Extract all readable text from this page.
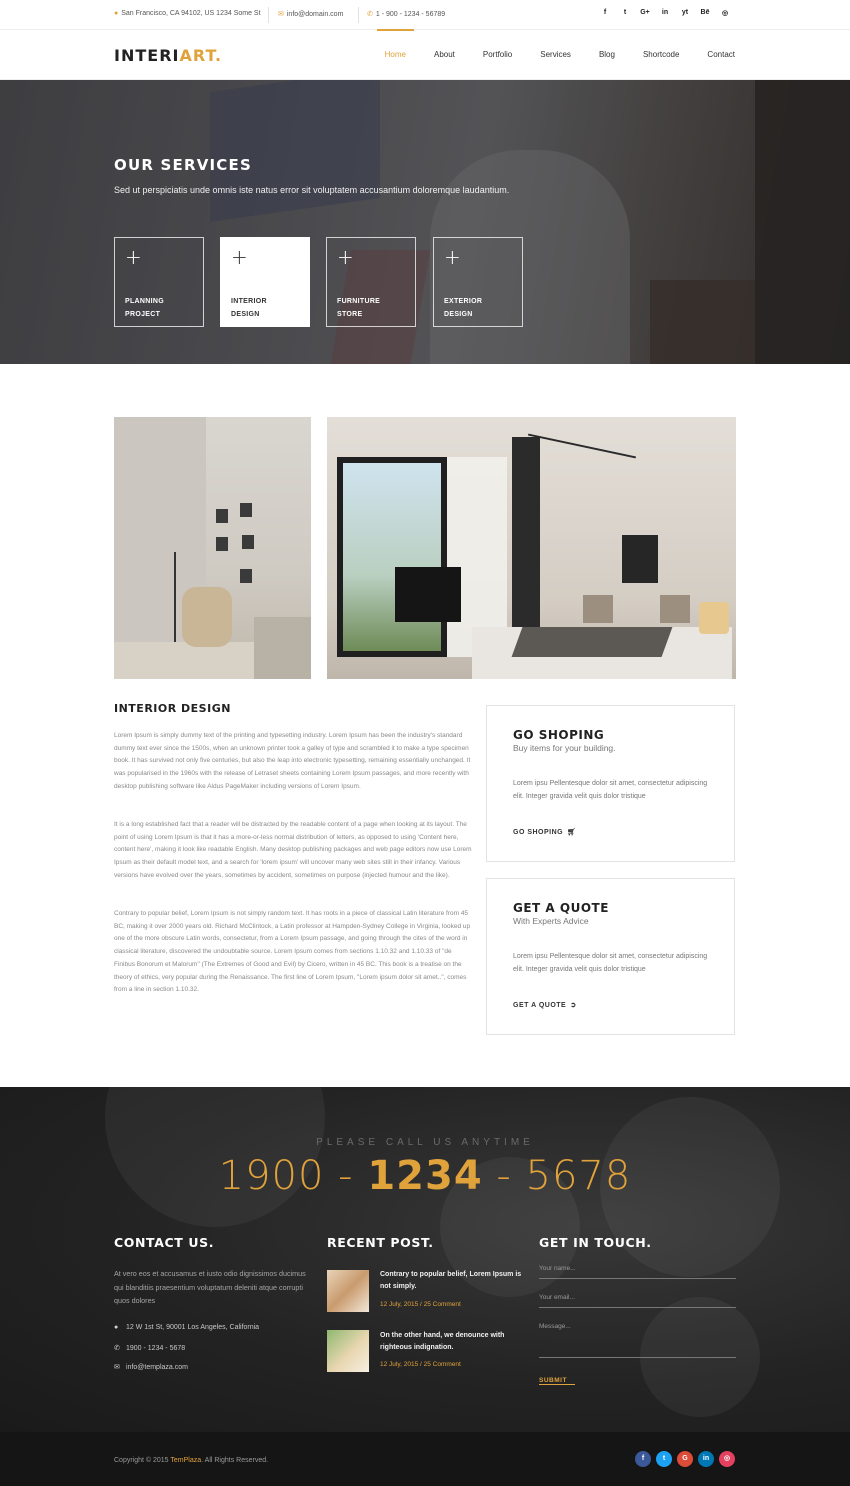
● San Francisco, CA 94102, US 1234 Some St ✉ info@domain.com	✆ 1 - 900 - 1234 - 56789	f	t	G+	in	yt	Bē	◎
INTERIART.	Home	About	Portfolio	Services	Blog	Shortcode	Contact
OUR SERVICES

Sed ut perspiciatis unde omnis iste natus error sit voluptatem accusantium doloremque laudantium.

+
PLANNING
PROJECT
+
INTERIOR
DESIGN
+
FURNITURE
STORE
+
EXTERIOR
DESIGN
INTERIOR DESIGN

Lorem Ipsum is simply dummy text of the printing and typesetting industry. Lorem Ipsum has been the industry's standard dummy text ever since the 1500s, when an unknown printer took a galley of type and scrambled it to make a type specimen book. It has survived not only five centuries, but also the leap into electronic typesetting, remaining essentially unchanged. It was popularised in the 1960s with the release of Letraset sheets containing Lorem Ipsum passages, and more recently with desktop publishing software like Aldus PageMaker including versions of Lorem Ipsum.

It is a long established fact that a reader will be distracted by the readable content of a page when looking at its layout. The point of using Lorem Ipsum is that it has a more-or-less normal distribution of letters, as opposed to using 'Content here, content here', making it look like readable English. Many desktop publishing packages and web page editors now use Lorem Ipsum as their default model text, and a search for 'lorem ipsum' will uncover many web sites still in their infancy. Various versions have evolved over the years, sometimes by accident, sometimes on purpose (injected humour and the like).

Contrary to popular belief, Lorem Ipsum is not simply random text. It has roots in a piece of classical Latin literature from 45 BC, making it over 2000 years old. Richard McClintock, a Latin professor at Hampden-Sydney College in Virginia, looked up one of the more obscure Latin words, consectetur, from a Lorem Ipsum passage, and going through the cites of the word in classical literature, discovered the undoubtable source. Lorem Ipsum comes from sections 1.10.32 and 1.10.33 of "de Finibus Bonorum et Malorum" (The Extremes of Good and Evil) by Cicero, written in 45 BC. This book is a treatise on the theory of ethics, very popular during the Renaissance. The first line of Lorem Ipsum, "Lorem ipsum dolor sit amet..", comes from a line in section 1.10.32.

GO SHOPING
Buy items for your building.
Lorem ipsu Pellentesque dolor sit amet, consectetur adipiscing elit. Integer gravida velit quis dolor tristique
GO SHOPING 🛒︎
GET A QUOTE
With Experts Advice
Lorem ipsu Pellentesque dolor sit amet, consectetur adipiscing elit. Integer gravida velit quis dolor tristique
GET A QUOTE ➲
PLEASE CALL US ANYTIME
1900 - 1234 - 5678
CONTACT US.

At vero eos et accusamus et iusto odio dignissimos ducimus qui blanditiis praesentium voluptatum deleniti atque corrupti quos dolores

● 12 W 1st St, 90001 Los Angeles, California
✆ 1900 - 1234 - 5678
✉ info@templaza.com
RECENT POST.
Contrary to popular belief, Lorem Ipsum is not simply.
12 July, 2015 / 25 Comment
On the other hand, we denounce with righteous indignation.
12 July, 2015 / 25 Comment
GET IN TOUCH.
Your name...
Your email...
Message...
SUBMIT
Copyright © 2015 TemPlaza. All Rights Reserved.	f	t	G	in	◎
